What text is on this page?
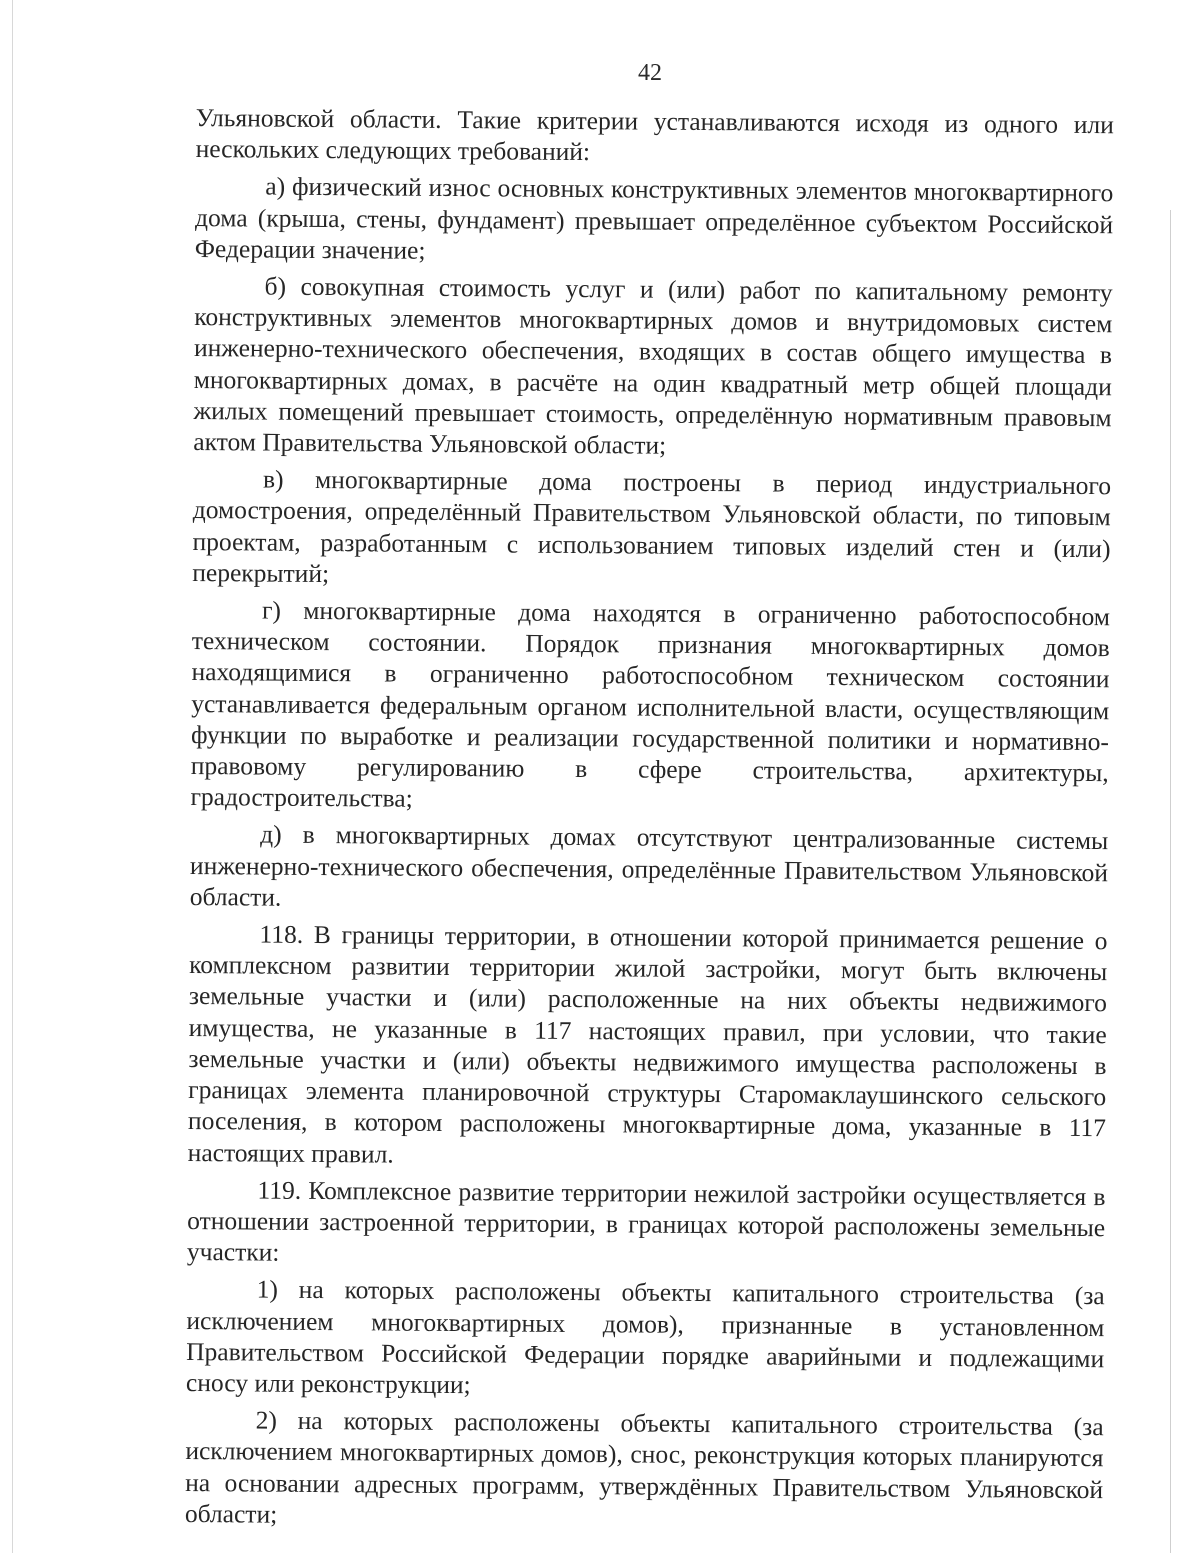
42

Ульяновской области. Такие критерии устанавливаются исходя из одного или нескольких следующих требований:

а) физический износ основных конструктивных элементов многоквартирного дома (крыша, стены, фундамент) превышает определённое субъектом Российской Федерации значение;

б) совокупная стоимость услуг и (или) работ по капитальному ремонту конструктивных элементов многоквартирных домов и внутридомовых систем инженерно-технического обеспечения, входящих в состав общего имущества в многоквартирных домах, в расчёте на один квадратный метр общей площади жилых помещений превышает стоимость, определённую нормативным правовым актом Правительства Ульяновской области;

в) многоквартирные дома построены в период индустриального домостроения, определённый Правительством Ульяновской области, по типовым проектам, разработанным с использованием типовых изделий стен и (или) перекрытий;

г) многоквартирные дома находятся в ограниченно работоспособном техническом состоянии. Порядок признания многоквартирных домов находящимися в ограниченно работоспособном техническом состоянии устанавливается федеральным органом исполнительной власти, осуществляющим функции по выработке и реализации государственной политики и нормативно-правовому регулированию в сфере строительства, архитектуры, градостроительства;

д) в многоквартирных домах отсутствуют централизованные системы инженерно-технического обеспечения, определённые Правительством Ульяновской области.

118. В границы территории, в отношении которой принимается решение о комплексном развитии территории жилой застройки, могут быть включены земельные участки и (или) расположенные на них объекты недвижимого имущества, не указанные в 117 настоящих правил, при условии, что такие земельные участки и (или) объекты недвижимого имущества расположены в границах элемента планировочной структуры Старомаклаушинского сельского поселения, в котором расположены многоквартирные дома, указанные в 117 настоящих правил.

119. Комплексное развитие территории нежилой застройки осуществляется в отношении застроенной территории, в границах которой расположены земельные участки:

1) на которых расположены объекты капитального строительства (за исключением многоквартирных домов), признанные в установленном Правительством Российской Федерации порядке аварийными и подлежащими сносу или реконструкции;

2) на которых расположены объекты капитального строительства (за исключением многоквартирных домов), снос, реконструкция которых планируются на основании адресных программ, утверждённых Правительством Ульяновской области;
